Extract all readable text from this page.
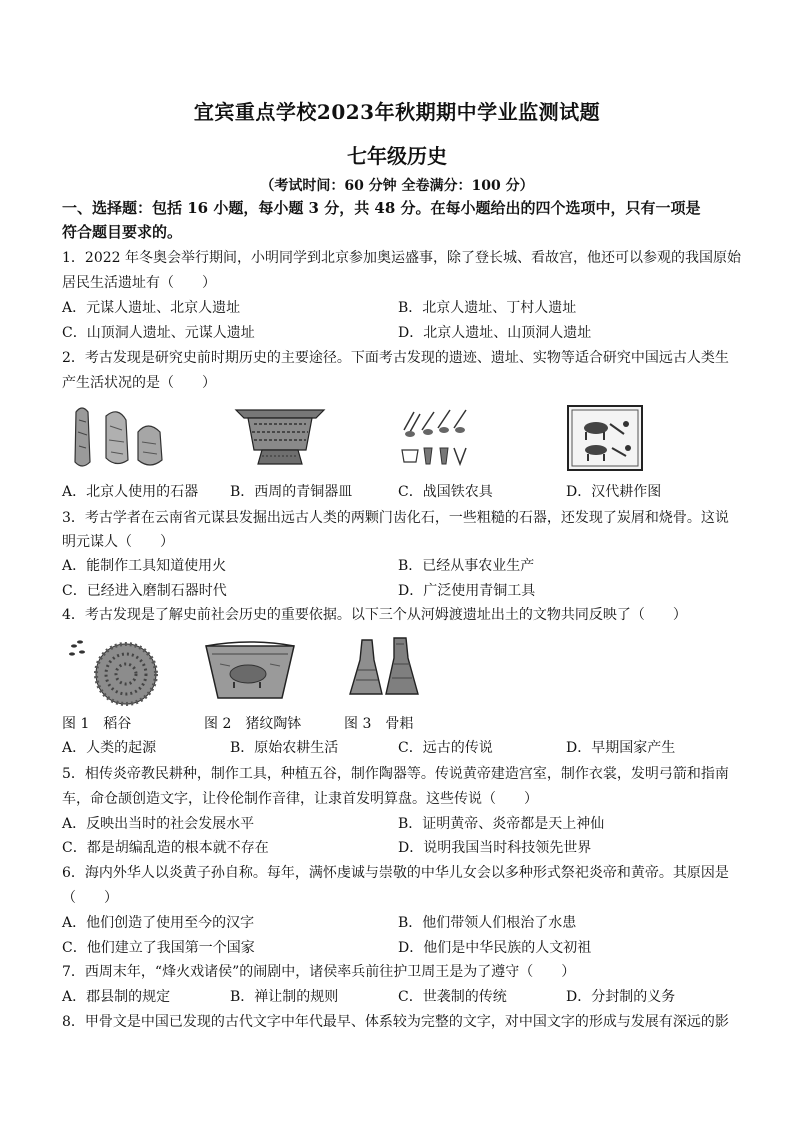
宜宾重点学校2023年秋期期中学业监测试题
七年级历史
（考试时间：60 分钟 全卷满分：100 分）
一、选择题：包括 16 小题，每小题 3 分，共 48 分。在每小题给出的四个选项中，只有一项是
符合题目要求的。
1．2022 年冬奥会举行期间，小明同学到北京参加奥运盛事，除了登长城、看故宫，他还可以参观的我国原始
居民生活遗址有（　　）
A．元谋人遗址、北京人遗址	B．北京人遗址、丁村人遗址
C．山顶洞人遗址、元谋人遗址	D．北京人遗址、山顶洞人遗址
2．考古发现是研究史前时期历史的主要途径。下面考古发现的遗迹、遗址、实物等适合研究中国远古人类生
产生活状况的是（　　）
A．北京人使用的石器 B．西周的青铜器皿	C．战国铁农具	D．汉代耕作图
3．考古学者在云南省元谋县发掘出远古人类的两颗门齿化石，一些粗糙的石器，还发现了炭屑和烧骨。这说
明元谋人（　　）
A．能制作工具知道使用火	B．已经从事农业生产
C．已经进入磨制石器时代	D．广泛使用青铜工具
4．考古发现是了解史前社会历史的重要依据。以下三个从河姆渡遗址出土的文物共同反映了（　　）
图 1　稻谷	图 2　猪纹陶钵	图 3　骨耜
A．人类的起源	B．原始农耕生活	C．远古的传说	D．早期国家产生
5．相传炎帝教民耕种，制作工具，种植五谷，制作陶器等。传说黄帝建造宫室，制作衣裳，发明弓箭和指南
车，命仓颉创造文字，让伶伦制作音律，让隶首发明算盘。这些传说（　　）
A．反映出当时的社会发展水平	B．证明黄帝、炎帝都是天上神仙
C．都是胡编乱造的根本就不存在	D．说明我国当时科技领先世界
6．海内外华人以炎黄子孙自称。每年，满怀虔诚与崇敬的中华儿女会以多种形式祭祀炎帝和黄帝。其原因是
（　　）
A．他们创造了使用至今的汉字	B．他们带领人们根治了水患
C．他们建立了我国第一个国家	D．他们是中华民族的人文初祖
7．西周末年，“烽火戏诸侯”的闹剧中，诸侯率兵前往护卫周王是为了遵守（　　）
A．郡县制的规定	B．禅让制的规则	C．世袭制的传统	D．分封制的义务
8．甲骨文是中国已发现的古代文字中年代最早、体系较为完整的文字，对中国文字的形成与发展有深远的影
